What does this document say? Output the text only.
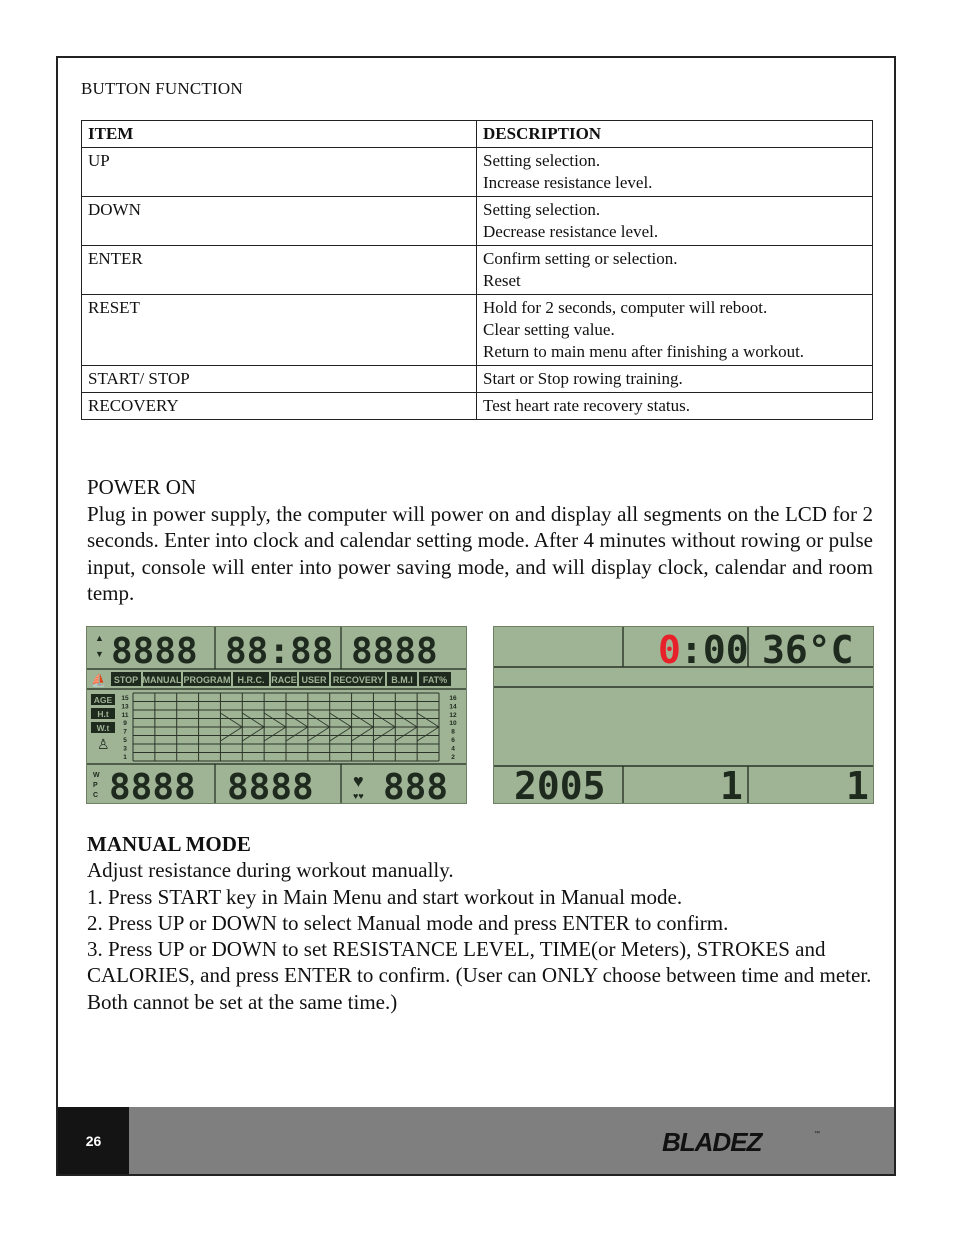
BUTTON FUNCTION
ITEM	DESCRIPTION
UP	Setting selection.
Increase resistance level.

DOWN	Setting selection.
Decrease resistance level.

ENTER	Confirm setting or selection.
Reset

RESET	Hold for 2 seconds, computer will reboot.
Clear setting value.
Return to main menu after finishing a workout.

START/ STOP	Start or Stop rowing training.

RECOVERY	Test heart rate recovery status.
POWER ON
Plug in power supply, the computer will power on and display all segments on the LCD for 2 seconds. Enter into clock and calendar setting mode. After 4 minutes without rowing or pulse input, console will enter into power saving mode, and will display clock, calendar and room temp.
▲
▼ 8888 88:88 8888
⛵ STOP MANUAL PROGRAM H.R.C. RACE USER RECOVERY B.M.I FAT%
AGE
H.t
W.t
15
13
11
9
7
5
3
1
16
14
12
10
8
6
4
2
♙
W
P
C 8888 8888 ♥
♥♥ 888
0 :00 36°C
2005	1	1
MANUAL MODE
Adjust resistance during workout manually.
1. Press START key in Main Menu and start workout in Manual mode.
2. Press UP or DOWN to select Manual mode and press ENTER to confirm.
3. Press UP or DOWN to set RESISTANCE LEVEL, TIME(or Meters), STROKES and CALORIES, and press ENTER to confirm. (User can ONLY choose between time and meter. Both cannot be set at the same time.)
26	BLADEZ	™
